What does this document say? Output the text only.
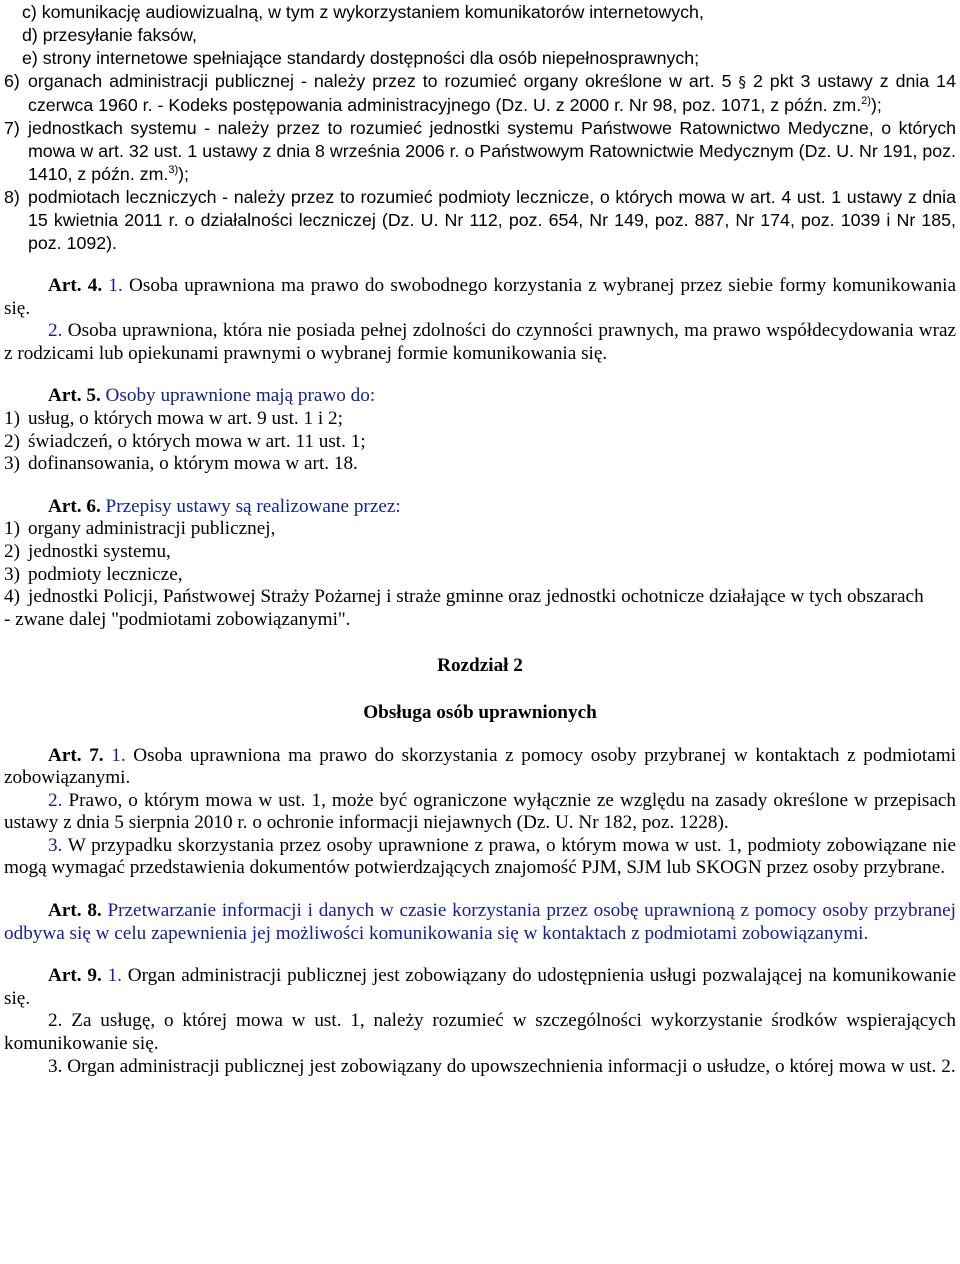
c) komunikację audiowizualną, w tym z wykorzystaniem komunikatorów internetowych,

d) przesyłanie faksów,

e) strony internetowe spełniające standardy dostępności dla osób niepełnosprawnych;

6) organach administracji publicznej - należy przez to rozumieć organy określone w art. 5 § 2 pkt 3 ustawy z dnia 14 czerwca 1960 r. - Kodeks postępowania administracyjnego (Dz. U. z 2000 r. Nr 98, poz. 1071, z późn. zm.$^{2)}$);
7) jednostkach systemu - należy przez to rozumieć jednostki systemu Państwowe Ratownictwo Medyczne, o których mowa w art. 32 ust. 1 ustawy z dnia 8 września 2006 r. o Państwowym Ratownictwie Medycznym (Dz. U. Nr 191, poz. 1410, z późn. zm.$^{3)}$);
8) podmiotach leczniczych - należy przez to rozumieć podmioty lecznicze, o których mowa w art. 4 ust. 1 ustawy z dnia 15 kwietnia 2011 r. o działalności leczniczej (Dz. U. Nr 112, poz. 654, Nr 149, poz. 887, Nr 174, poz. 1039 i Nr 185, poz. 1092).

Art. 4. 1. Osoba uprawniona ma prawo do swobodnego korzystania z wybranej przez siebie formy komunikowania się.

2. Osoba uprawniona, która nie posiada pełnej zdolności do czynności prawnych, ma prawo współdecydowania wraz z rodzicami lub opiekunami prawnymi o wybranej formie komunikowania się.

Art. 5. Osoby uprawnione mają prawo do:

1) usług, o których mowa w art. 9 ust. 1 i 2;
2) świadczeń, o których mowa w art. 11 ust. 1;
3) dofinansowania, o którym mowa w art. 18.

Art. 6. Przepisy ustawy są realizowane przez:

1) organy administracji publicznej,
2) jednostki systemu,
3) podmioty lecznicze,
4) jednostki Policji, Państwowej Straży Pożarnej i straże gminne oraz jednostki ochotnicze działające w tych obszarach

- zwane dalej "podmiotami zobowiązanymi".

Rozdział 2

Obsługa osób uprawnionych

Art. 7. 1. Osoba uprawniona ma prawo do skorzystania z pomocy osoby przybranej w kontaktach z podmiotami zobowiązanymi.

2. Prawo, o którym mowa w ust. 1, może być ograniczone wyłącznie ze względu na zasady określone w przepisach ustawy z dnia 5 sierpnia 2010 r. o ochronie informacji niejawnych (Dz. U. Nr 182, poz. 1228).

3. W przypadku skorzystania przez osoby uprawnione z prawa, o którym mowa w ust. 1, podmioty zobowiązane nie mogą wymagać przedstawienia dokumentów potwierdzających znajomość PJM, SJM lub SKOGN przez osoby przybrane.

Art. 8. Przetwarzanie informacji i danych w czasie korzystania przez osobę uprawnioną z pomocy osoby przybranej odbywa się w celu zapewnienia jej możliwości komunikowania się w kontaktach z podmiotami zobowiązanymi.

Art. 9. 1. Organ administracji publicznej jest zobowiązany do udostępnienia usługi pozwalającej na komunikowanie się.

2. Za usługę, o której mowa w ust. 1, należy rozumieć w szczególności wykorzystanie środków wspierających komunikowanie się.

3. Organ administracji publicznej jest zobowiązany do upowszechnienia informacji o usłudze, o której mowa w ust. 2.
